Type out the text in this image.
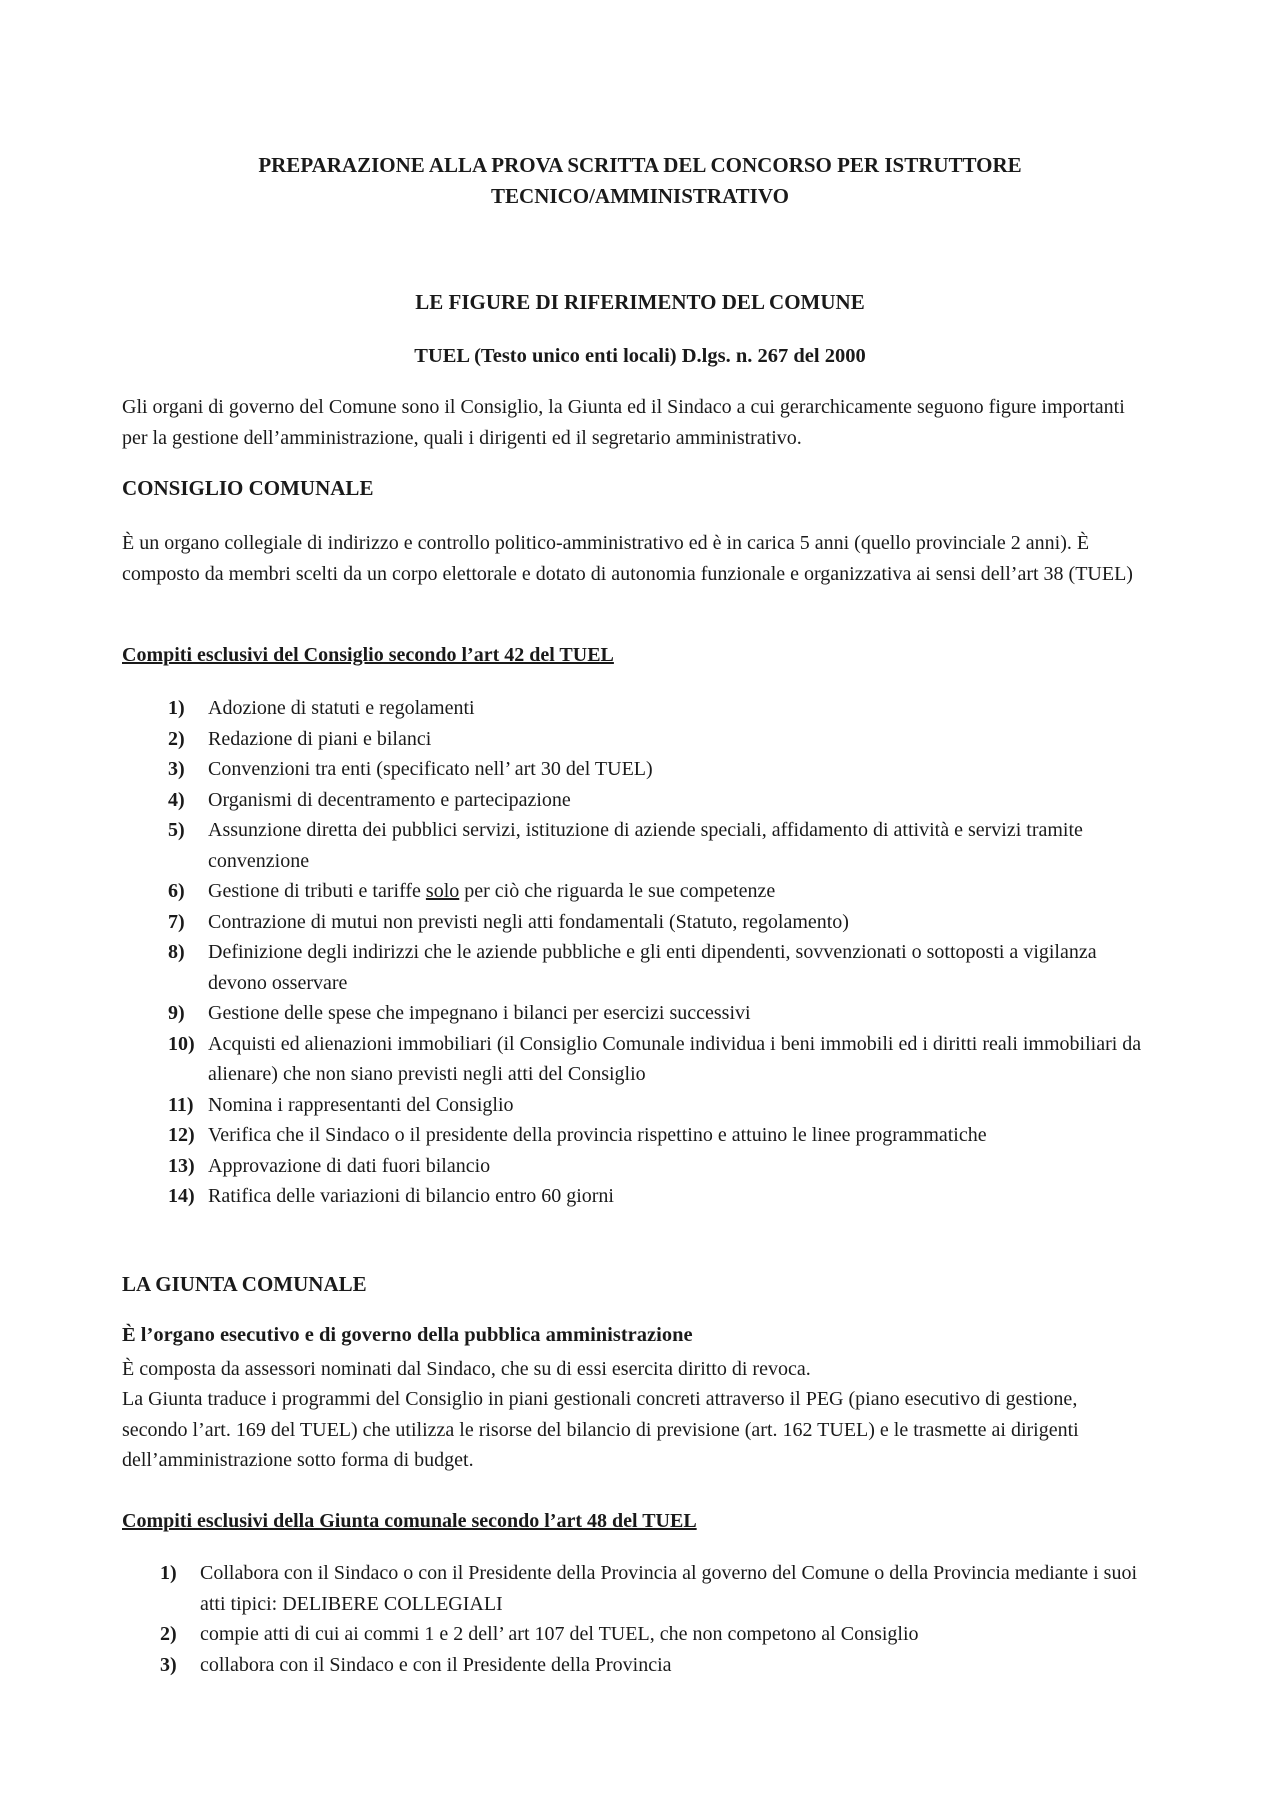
PREPARAZIONE ALLA PROVA SCRITTA DEL CONCORSO PER ISTRUTTORE

TECNICO/AMMINISTRATIVO

LE FIGURE DI RIFERIMENTO DEL COMUNE

TUEL (Testo unico enti locali) D.lgs. n. 267 del 2000

Gli organi di governo del Comune sono il Consiglio, la Giunta ed il Sindaco a cui gerarchicamente seguono figure importanti per la gestione dell’amministrazione, quali i dirigenti ed il segretario amministrativo.

CONSIGLIO COMUNALE

È un organo collegiale di indirizzo e controllo politico-amministrativo ed è in carica 5 anni (quello provinciale 2 anni). È composto da membri scelti da un corpo elettorale e dotato di autonomia funzionale e organizzativa ai sensi dell’art 38 (TUEL)

Compiti esclusivi del Consiglio secondo l’art 42 del TUEL

1) Adozione di statuti e regolamenti
2) Redazione di piani e bilanci
3) Convenzioni tra enti (specificato nell’ art 30 del TUEL)
4) Organismi di decentramento e partecipazione
5) Assunzione diretta dei pubblici servizi, istituzione di aziende speciali, affidamento di attività e servizi tramite convenzione
6) Gestione di tributi e tariffe solo per ciò che riguarda le sue competenze
7) Contrazione di mutui non previsti negli atti fondamentali (Statuto, regolamento)
8) Definizione degli indirizzi che le aziende pubbliche e gli enti dipendenti, sovvenzionati o sottoposti a vigilanza devono osservare
9) Gestione delle spese che impegnano i bilanci per esercizi successivi
10) Acquisti ed alienazioni immobiliari (il Consiglio Comunale individua i beni immobili ed i diritti reali immobiliari da alienare) che non siano previsti negli atti del Consiglio
11) Nomina i rappresentanti del Consiglio
12) Verifica che il Sindaco o il presidente della provincia rispettino e attuino le linee programmatiche
13) Approvazione di dati fuori bilancio
14) Ratifica delle variazioni di bilancio entro 60 giorni

LA GIUNTA COMUNALE

È l’organo esecutivo e di governo della pubblica amministrazione

È composta da assessori nominati dal Sindaco, che su di essi esercita diritto di revoca.

La Giunta traduce i programmi del Consiglio in piani gestionali concreti attraverso il PEG (piano esecutivo di gestione, secondo l’art. 169 del TUEL) che utilizza le risorse del bilancio di previsione (art. 162 TUEL) e le trasmette ai dirigenti dell’amministrazione sotto forma di budget.

Compiti esclusivi della Giunta comunale secondo l’art 48 del TUEL

1) Collabora con il Sindaco o con il Presidente della Provincia al governo del Comune o della Provincia mediante i suoi atti tipici: DELIBERE COLLEGIALI
2) compie atti di cui ai commi 1 e 2 dell’ art 107 del TUEL, che non competono al Consiglio
3) collabora con il Sindaco e con il Presidente della Provincia
